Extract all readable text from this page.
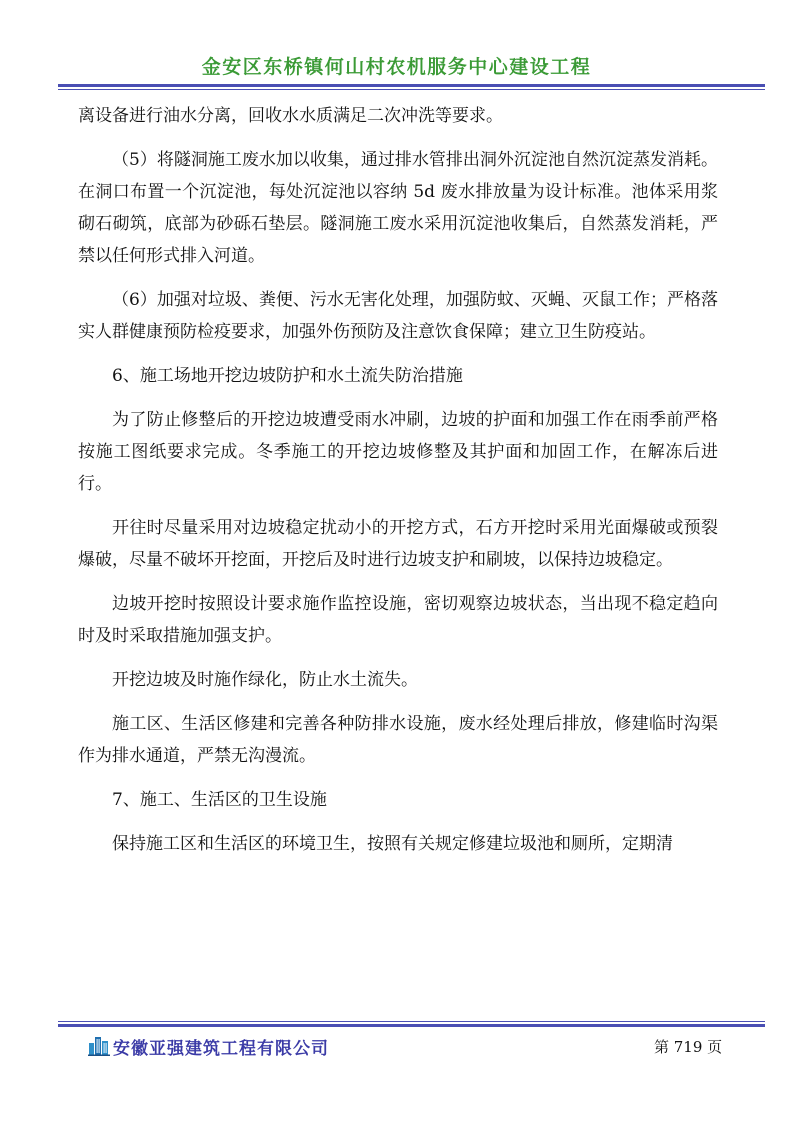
金安区东桥镇何山村农机服务中心建设工程

离设备进行油水分离，回收水水质满足二次冲洗等要求。

（5）将隧洞施工废水加以收集，通过排水管排出洞外沉淀池自然沉淀蒸发消耗。在洞口布置一个沉淀池，每处沉淀池以容纳 5d 废水排放量为设计标准。池体采用浆砌石砌筑，底部为砂砾石垫层。隧洞施工废水采用沉淀池收集后，自然蒸发消耗，严禁以任何形式排入河道。

（6）加强对垃圾、粪便、污水无害化处理，加强防蚊、灭蝇、灭鼠工作；严格落实人群健康预防检疫要求，加强外伤预防及注意饮食保障；建立卫生防疫站。

6、施工场地开挖边坡防护和水土流失防治措施

为了防止修整后的开挖边坡遭受雨水冲刷，边坡的护面和加强工作在雨季前严格按施工图纸要求完成。冬季施工的开挖边坡修整及其护面和加固工作，在解冻后进行。

开往时尽量采用对边坡稳定扰动小的开挖方式，石方开挖时采用光面爆破或预裂爆破，尽量不破坏开挖面，开挖后及时进行边坡支护和刷坡，以保持边坡稳定。

边坡开挖时按照设计要求施作监控设施，密切观察边坡状态，当出现不稳定趋向时及时采取措施加强支护。

开挖边坡及时施作绿化，防止水土流失。

施工区、生活区修建和完善各种防排水设施，废水经处理后排放，修建临时沟渠作为排水通道，严禁无沟漫流。

7、施工、生活区的卫生设施

保持施工区和生活区的环境卫生，按照有关规定修建垃圾池和厕所，定期清

安徽亚强建筑工程有限公司	第 719 页
